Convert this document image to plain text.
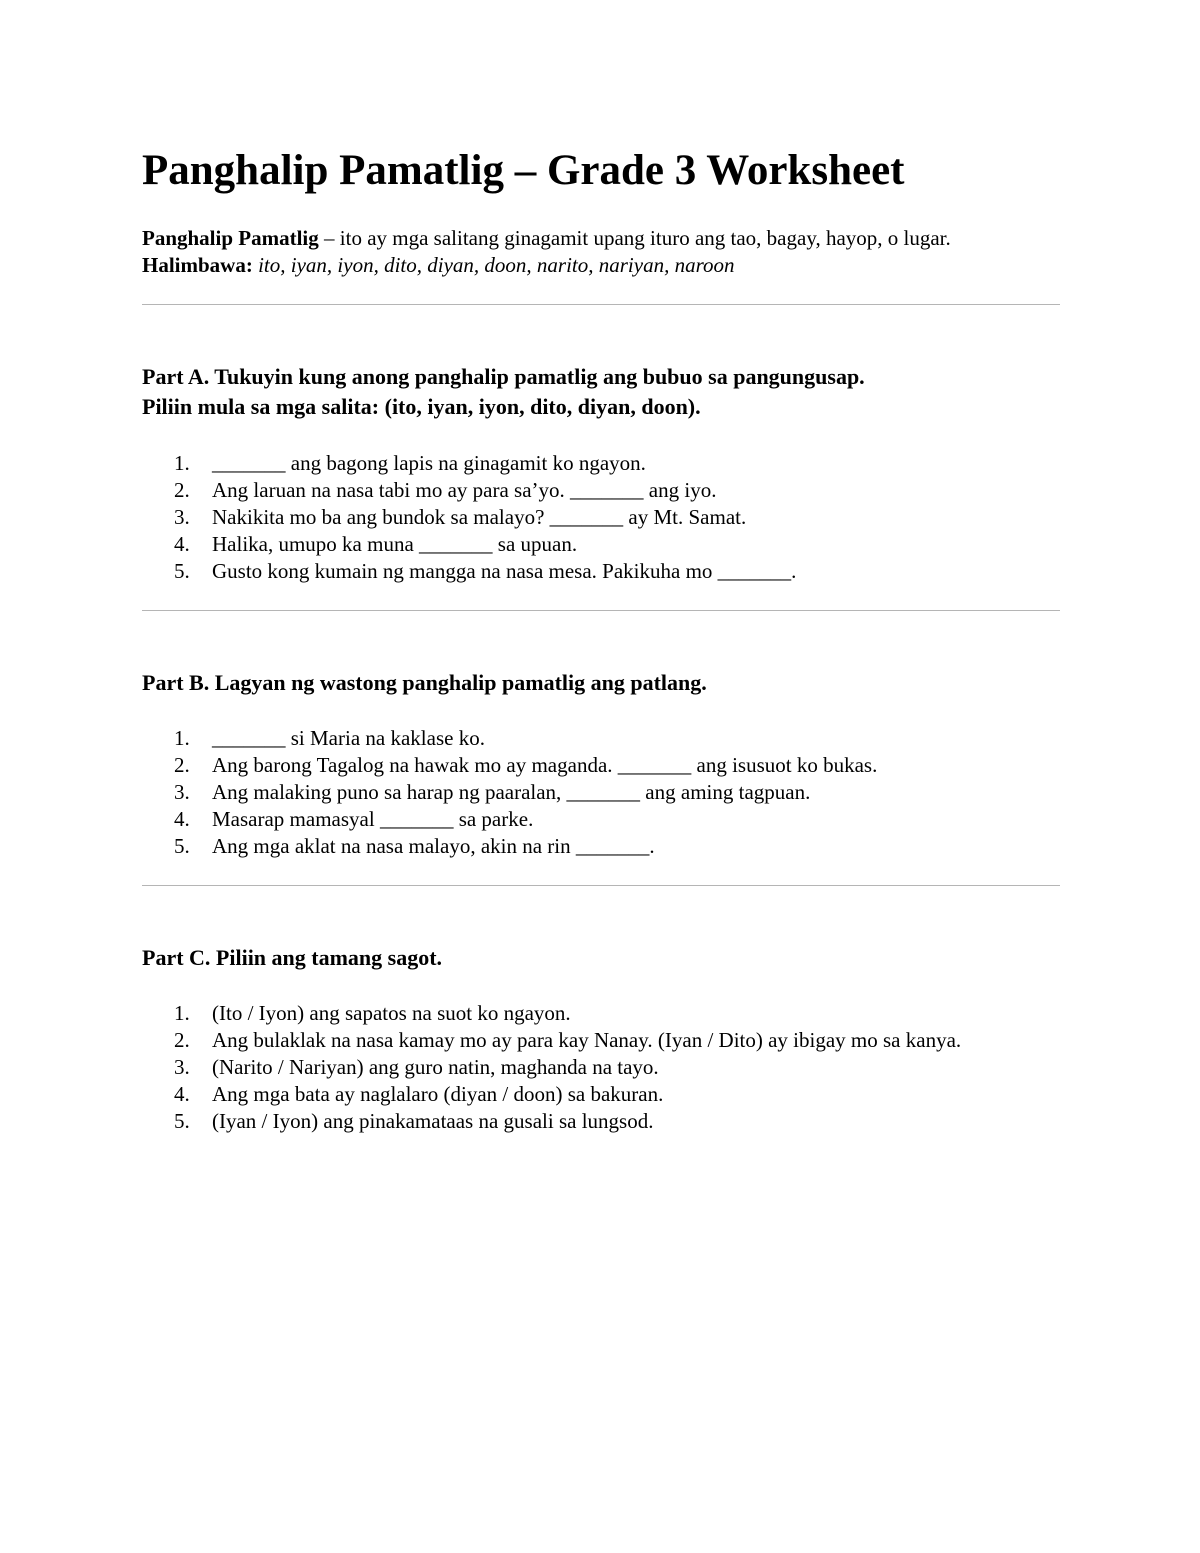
Panghalip Pamatlig – Grade 3 Worksheet
Panghalip Pamatlig – ito ay mga salitang ginagamit upang ituro ang tao, bagay, hayop, o lugar.
Halimbawa: ito, iyan, iyon, dito, diyan, doon, narito, nariyan, naroon
Part A. Tukuyin kung anong panghalip pamatlig ang bubuo sa pangungusap.
Piliin mula sa mga salita: (ito, iyan, iyon, dito, diyan, doon).
1. _______ ang bagong lapis na ginagamit ko ngayon.
2. Ang laruan na nasa tabi mo ay para sa’yo. _______ ang iyo.
3. Nakikita mo ba ang bundok sa malayo? _______ ay Mt. Samat.
4. Halika, umupo ka muna _______ sa upuan.
5. Gusto kong kumain ng mangga na nasa mesa. Pakikuha mo _______.
Part B. Lagyan ng wastong panghalip pamatlig ang patlang.
1. _______ si Maria na kaklase ko.
2. Ang barong Tagalog na hawak mo ay maganda. _______ ang isusuot ko bukas.
3. Ang malaking puno sa harap ng paaralan, _______ ang aming tagpuan.
4. Masarap mamasyal _______ sa parke.
5. Ang mga aklat na nasa malayo, akin na rin _______.
Part C. Piliin ang tamang sagot.
1. (Ito / Iyon) ang sapatos na suot ko ngayon.
2. Ang bulaklak na nasa kamay mo ay para kay Nanay. (Iyan / Dito) ay ibigay mo sa kanya.
3. (Narito / Nariyan) ang guro natin, maghanda na tayo.
4. Ang mga bata ay naglalaro (diyan / doon) sa bakuran.
5. (Iyan / Iyon) ang pinakamataas na gusali sa lungsod.
